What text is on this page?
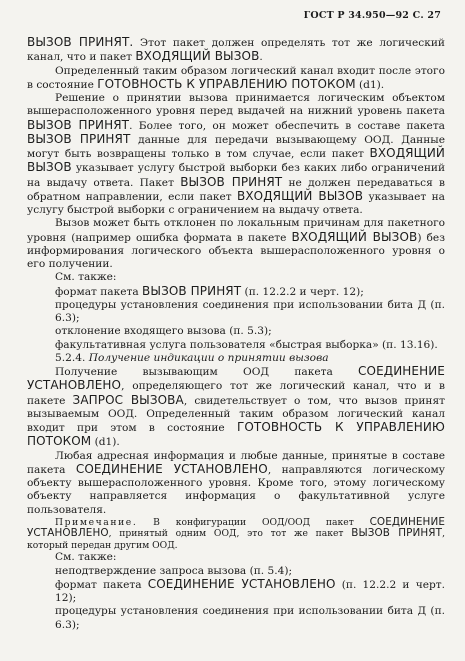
ГОСТ Р 34.950—92 С. 27

ВЫЗОВ ПРИНЯТ. Этот пакет должен определять тот же логический канал, что и пакет ВХОДЯЩИЙ ВЫЗОВ.

Определенный таким образом логический канал входит после этого в состояние ГОТОВНОСТЬ К УПРАВЛЕНИЮ ПОТОКОМ (d1).

Решение о принятии вызова принимается логическим объектом вышерасположенного уровня перед выдачей на нижний уровень пакета ВЫЗОВ ПРИНЯТ. Более того, он может обеспечить в составе пакета ВЫЗОВ ПРИНЯТ данные для передачи вызывающему ООД. Данные могут быть возвращены только в том случае, если пакет ВХОДЯЩИЙ ВЫЗОВ указывает услугу быстрой выборки без каких либо ограничений на выдачу ответа. Пакет ВЫЗОВ ПРИНЯТ не должен передаваться в обратном направлении, если пакет ВХОДЯЩИЙ ВЫЗОВ указывает на услугу быстрой выборки с ограничением на выдачу ответа.

Вызов может быть отклонен по локальным причинам для пакетного уровня (например ошибка формата в пакете ВХОДЯЩИЙ ВЫЗОВ) без информирования логического объекта вышерасположенного уровня о его получении.

См. также:

формат пакета ВЫЗОВ ПРИНЯТ (п. 12.2.2 и черт. 12);
процедуры установления соединения при использовании бита Д (п. 6.3);
отклонение входящего вызова (п. 5.3);
факультативная услуга пользователя «быстрая выборка» (п. 13.16).

5.2.4. Получение индикации о принятии вызова

Получение вызывающим ООД пакета СОЕДИНЕНИЕ УСТАНОВЛЕНО, определяющего тот же логический канал, что и в пакете ЗАПРОС ВЫЗОВА, свидетельствует о том, что вызов принят вызываемым ООД. Определенный таким образом логический канал входит при этом в состояние ГОТОВНОСТЬ К УПРАВЛЕНИЮ ПОТОКОМ (d1).

Любая адресная информация и любые данные, принятые в составе пакета СОЕДИНЕНИЕ УСТАНОВЛЕНО, направляются логическому объекту вышерасположенного уровня. Кроме того, этому логическому объекту направляется информация о факультативной услуге пользователя.

Примечание. В конфигурации ООД/ООД пакет СОЕДИНЕНИЕ УСТАНОВЛЕНО, принятый одним ООД, это тот же пакет ВЫЗОВ ПРИНЯТ, который передан другим ООД.

См. также:

неподтверждение запроса вызова (п. 5.4);
формат пакета СОЕДИНЕНИЕ УСТАНОВЛЕНО (п. 12.2.2 и черт. 12);
процедуры установления соединения при использовании бита Д (п. 6.3);
